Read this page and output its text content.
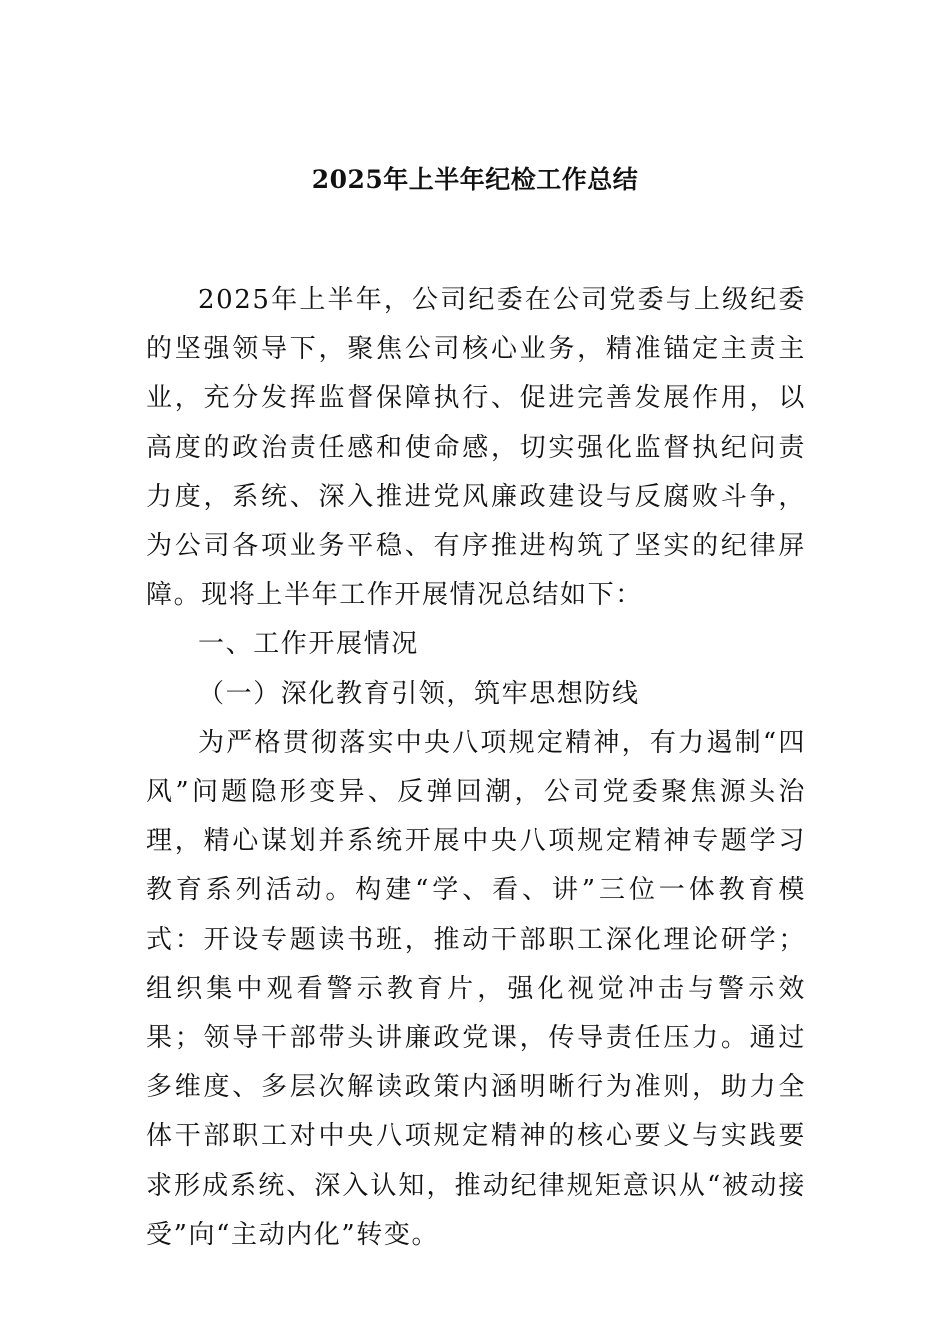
2025年上半年纪检工作总结

2025年上半年，公司纪委在公司党委与上级纪委的坚强领导下，聚焦公司核心业务，精准锚定主责主业，充分发挥监督保障执行、促进完善发展作用，以高度的政治责任感和使命感，切实强化监督执纪问责力度，系统、深入推进党风廉政建设与反腐败斗争，为公司各项业务平稳、有序推进构筑了坚实的纪律屏障。现将上半年工作开展情况总结如下：

一、工作开展情况

（一）深化教育引领，筑牢思想防线

为严格贯彻落实中央八项规定精神，有力遏制“四风”问题隐形变异、反弹回潮，公司党委聚焦源头治理，精心谋划并系统开展中央八项规定精神专题学习教育系列活动。构建“学、看、讲”三位一体教育模式：开设专题读书班，推动干部职工深化理论研学；组织集中观看警示教育片，强化视觉冲击与警示效果；领导干部带头讲廉政党课，传导责任压力。通过多维度、多层次解读政策内涵明晰行为准则，助力全体干部职工对中央八项规定精神的核心要义与实践要求形成系统、深入认知，推动纪律规矩意识从“被动接受”向“主动内化”转变。
